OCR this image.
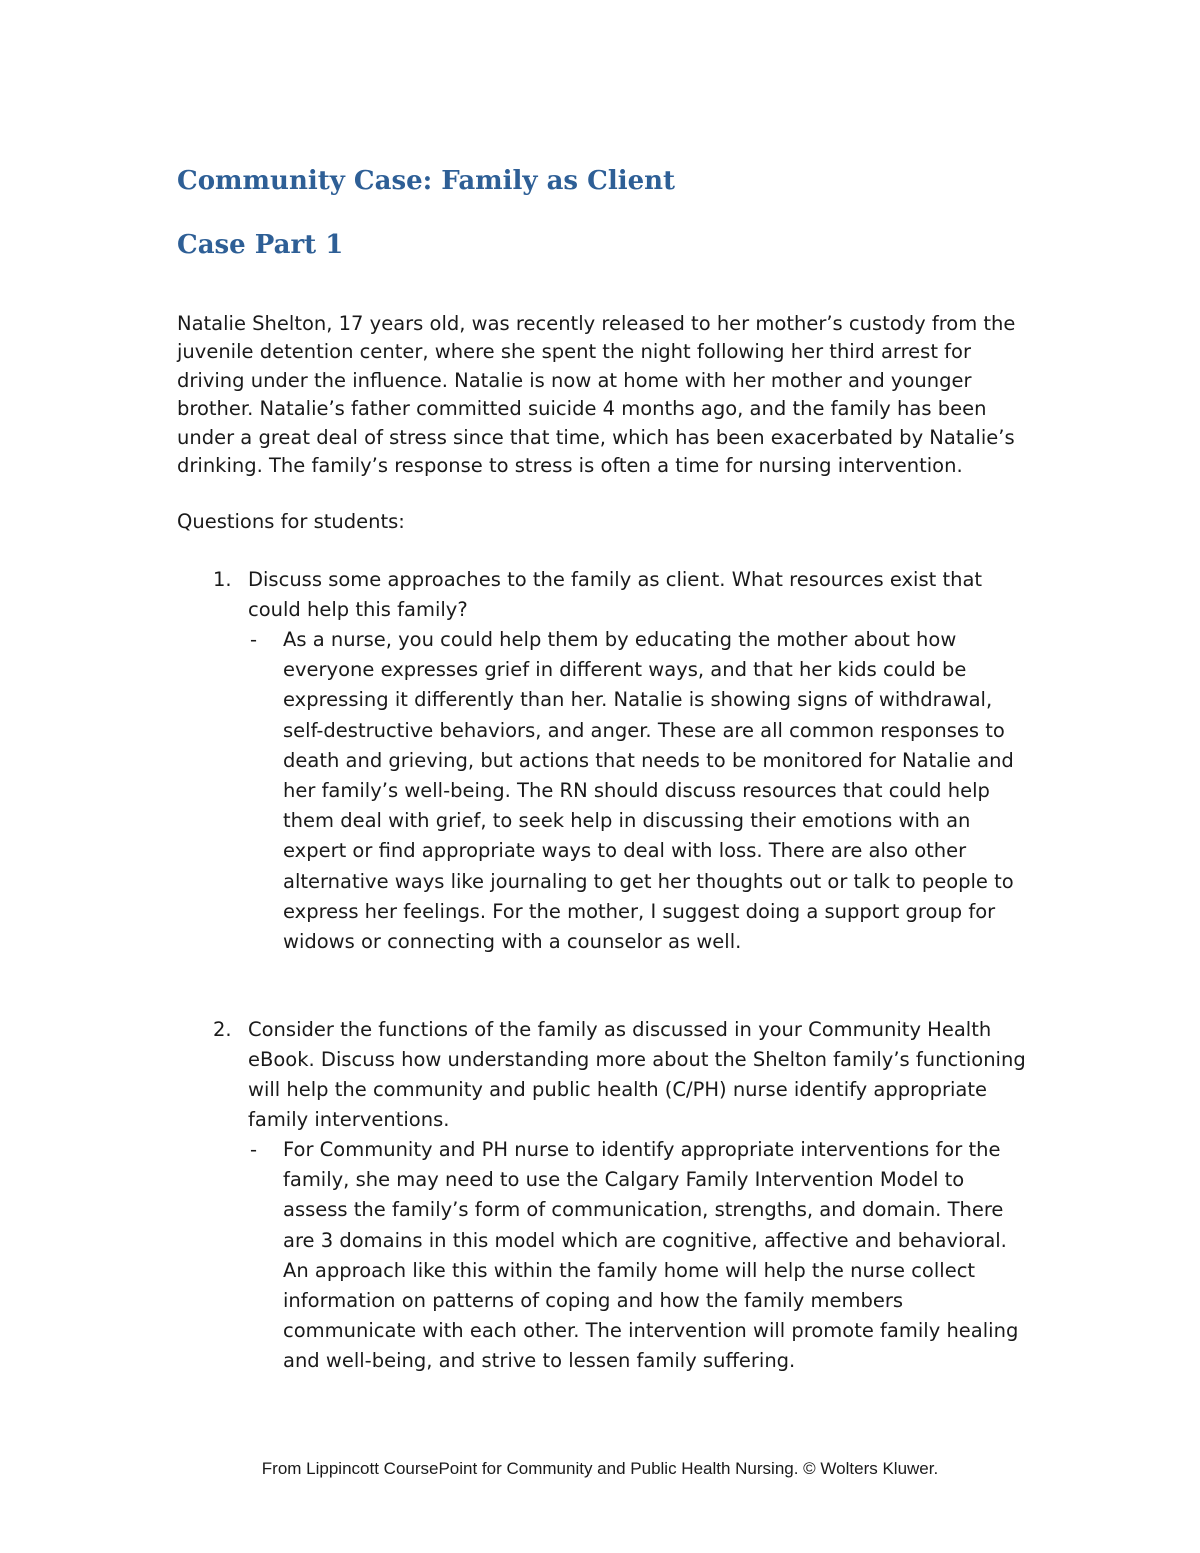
Community Case: Family as Client
Case Part 1

Natalie Shelton, 17 years old, was recently released to her mother’s custody from the juvenile detention center, where she spent the night following her third arrest for driving under the influence. Natalie is now at home with her mother and younger brother. Natalie’s father committed suicide 4 months ago, and the family has been under a great deal of stress since that time, which has been exacerbated by Natalie’s drinking. The family’s response to stress is often a time for nursing intervention.

Questions for students:

1. Discuss some approaches to the family as client. What resources exist that could help this family?
- As a nurse, you could help them by educating the mother about how everyone expresses grief in different ways, and that her kids could be expressing it differently than her. Natalie is showing signs of withdrawal, self-destructive behaviors, and anger. These are all common responses to death and grieving, but actions that needs to be monitored for Natalie and her family’s well-being. The RN should discuss resources that could help them deal with grief, to seek help in discussing their emotions with an expert or find appropriate ways to deal with loss. There are also other alternative ways like journaling to get her thoughts out or talk to people to express her feelings. For the mother, I suggest doing a support group for widows or connecting with a counselor as well.
2. Consider the functions of the family as discussed in your Community Health eBook. Discuss how understanding more about the Shelton family’s functioning will help the community and public health (C/PH) nurse identify appropriate family interventions.
- For Community and PH nurse to identify appropriate interventions for the family, she may need to use the Calgary Family Intervention Model to assess the family’s form of communication, strengths, and domain. There are 3 domains in this model which are cognitive, affective and behavioral. An approach like this within the family home will help the nurse collect information on patterns of coping and how the family members communicate with each other. The intervention will promote family healing and well-being, and strive to lessen family suffering.

From Lippincott CoursePoint for Community and Public Health Nursing. © Wolters Kluwer.
